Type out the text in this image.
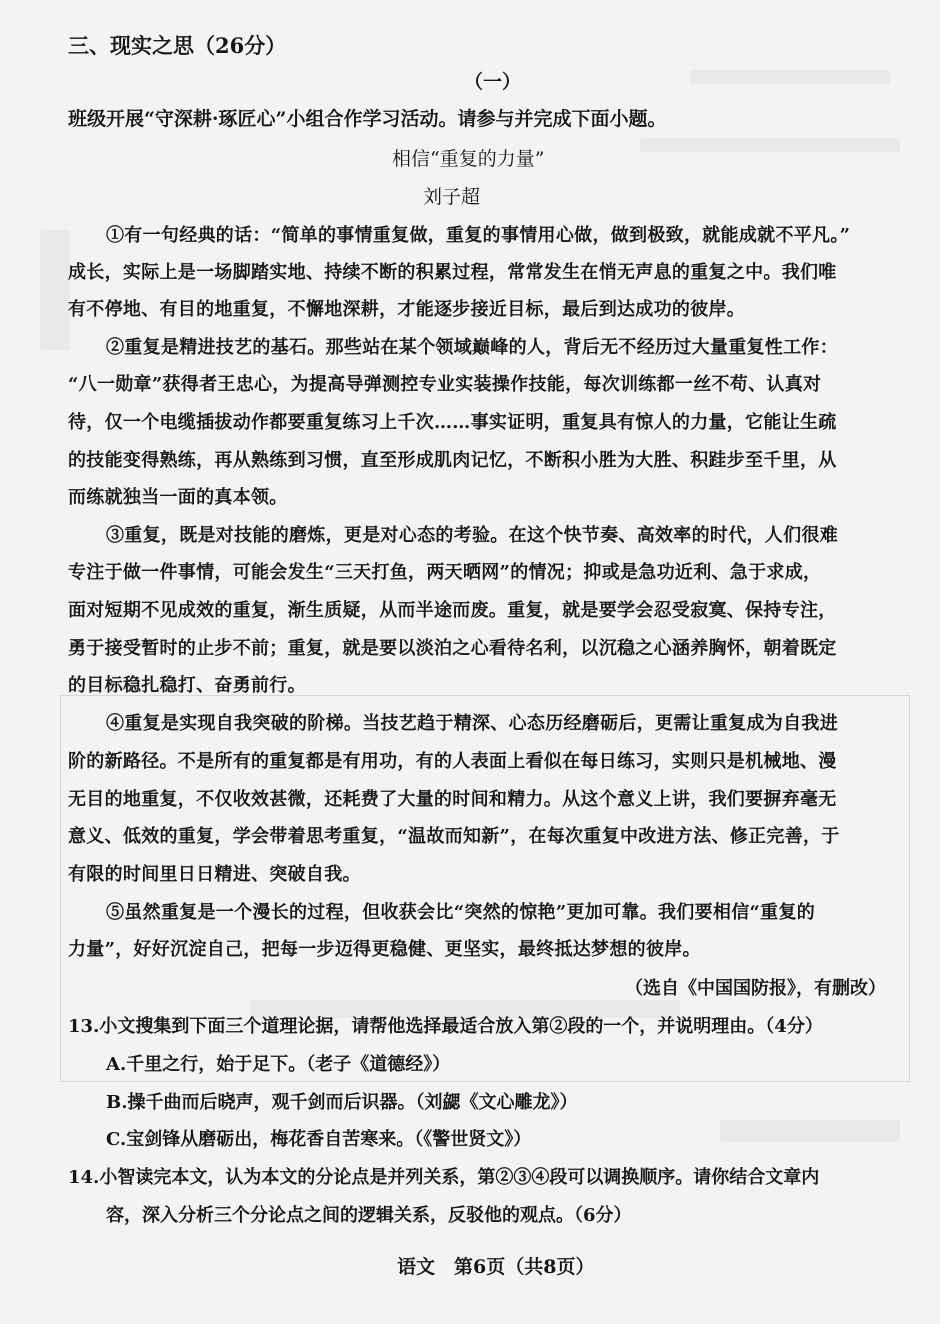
三、现实之思（26分）
（一）
班级开展“守深耕·琢匠心”小组合作学习活动。请参与并完成下面小题。
相信“重复的力量”
刘子超
①有一句经典的话：“简单的事情重复做，重复的事情用心做，做到极致，就能成就不平凡。”
成长，实际上是一场脚踏实地、持续不断的积累过程，常常发生在悄无声息的重复之中。我们唯
有不停地、有目的地重复，不懈地深耕，才能逐步接近目标，最后到达成功的彼岸。
②重复是精进技艺的基石。那些站在某个领域巅峰的人，背后无不经历过大量重复性工作：
“八一勋章”获得者王忠心，为提高导弹测控专业实装操作技能，每次训练都一丝不苟、认真对
待，仅一个电缆插拔动作都要重复练习上千次……事实证明，重复具有惊人的力量，它能让生疏
的技能变得熟练，再从熟练到习惯，直至形成肌肉记忆，不断积小胜为大胜、积跬步至千里，从
而练就独当一面的真本领。
③重复，既是对技能的磨炼，更是对心态的考验。在这个快节奏、高效率的时代，人们很难
专注于做一件事情，可能会发生“三天打鱼，两天晒网”的情况；抑或是急功近利、急于求成，
面对短期不见成效的重复，渐生质疑，从而半途而废。重复，就是要学会忍受寂寞、保持专注，
勇于接受暂时的止步不前；重复，就是要以淡泊之心看待名利，以沉稳之心涵养胸怀，朝着既定
的目标稳扎稳打、奋勇前行。
④重复是实现自我突破的阶梯。当技艺趋于精深、心态历经磨砺后，更需让重复成为自我进
阶的新路径。不是所有的重复都是有用功，有的人表面上看似在每日练习，实则只是机械地、漫
无目的地重复，不仅收效甚微，还耗费了大量的时间和精力。从这个意义上讲，我们要摒弃毫无
意义、低效的重复，学会带着思考重复，“温故而知新”，在每次重复中改进方法、修正完善，于
有限的时间里日日精进、突破自我。
⑤虽然重复是一个漫长的过程，但收获会比“突然的惊艳”更加可靠。我们要相信“重复的
力量”，好好沉淀自己，把每一步迈得更稳健、更坚实，最终抵达梦想的彼岸。
（选自《中国国防报》，有删改）
13.小文搜集到下面三个道理论据，请帮他选择最适合放入第②段的一个，并说明理由。（4分）
A.千里之行，始于足下。（老子《道德经》）
B.操千曲而后晓声，观千剑而后识器。（刘勰《文心雕龙》）
C.宝剑锋从磨砺出，梅花香自苦寒来。（《警世贤文》）
14.小智读完本文，认为本文的分论点是并列关系，第②③④段可以调换顺序。请你结合文章内
容，深入分析三个分论点之间的逻辑关系，反驳他的观点。（6分）
语文　第6页（共8页）
